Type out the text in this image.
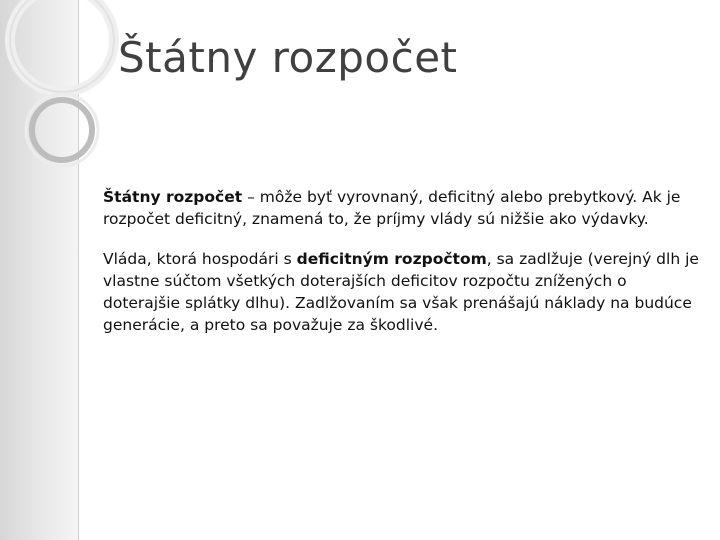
Štátny rozpočet

Štátny rozpočet – môže byť vyrovnaný, deficitný alebo prebytkový. Ak je rozpočet deficitný, znamená to, že príjmy vlády sú nižšie ako výdavky.

Vláda, ktorá hospodári s deficitným rozpočtom, sa zadlžuje (verejný dlh je vlastne súčtom všetkých doterajších deficitov rozpočtu znížených o doterajšie splátky dlhu). Zadlžovaním sa však prenášajú náklady na budúce generácie, a preto sa považuje za škodlivé.
